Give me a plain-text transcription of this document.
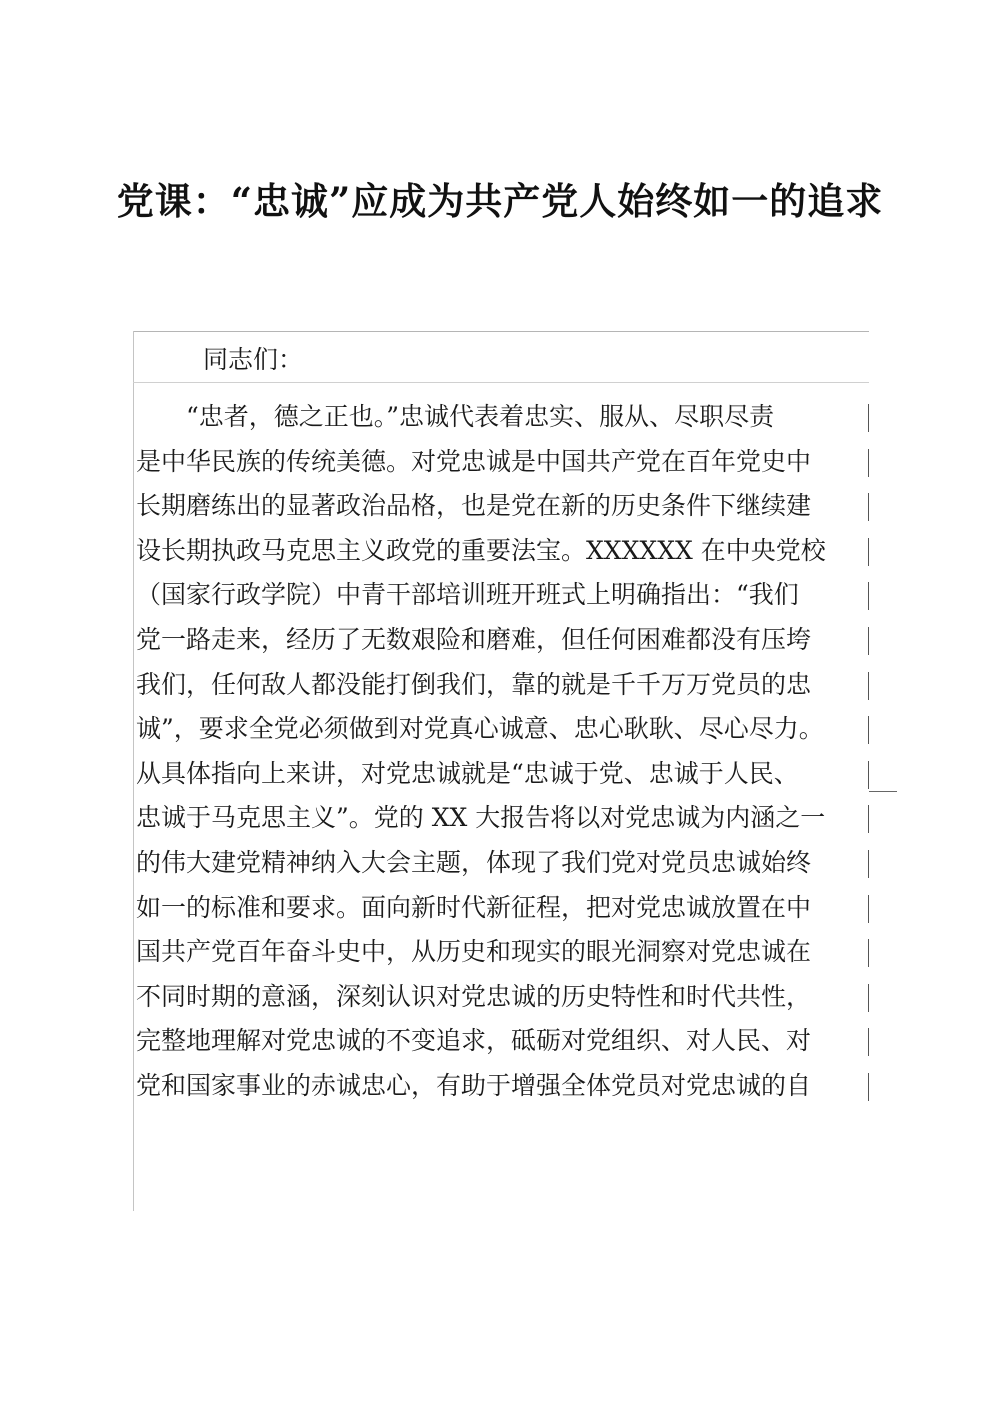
党课：“忠诚”应成为共产党人始终如一的追求

同志们：

　　“忠者，德之正也。”忠诚代表着忠实、服从、尽职尽责
是中华民族的传统美德。对党忠诚是中国共产党在百年党史中
长期磨练出的显著政治品格，也是党在新的历史条件下继续建
设长期执政马克思主义政党的重要法宝。XXXXXX 在中央党校
（国家行政学院）中青干部培训班开班式上明确指出：“我们
党一路走来，经历了无数艰险和磨难，但任何困难都没有压垮
我们，任何敌人都没能打倒我们，靠的就是千千万万党员的忠
诚”，要求全党必须做到对党真心诚意、忠心耿耿、尽心尽力。
从具体指向上来讲，对党忠诚就是“忠诚于党、忠诚于人民、
忠诚于马克思主义”。党的 XX 大报告将以对党忠诚为内涵之一
的伟大建党精神纳入大会主题，体现了我们党对党员忠诚始终
如一的标准和要求。面向新时代新征程，把对党忠诚放置在中
国共产党百年奋斗史中，从历史和现实的眼光洞察对党忠诚在
不同时期的意涵，深刻认识对党忠诚的历史特性和时代共性，
完整地理解对党忠诚的不变追求，砥砺对党组织、对人民、对
党和国家事业的赤诚忠心，有助于增强全体党员对党忠诚的自
